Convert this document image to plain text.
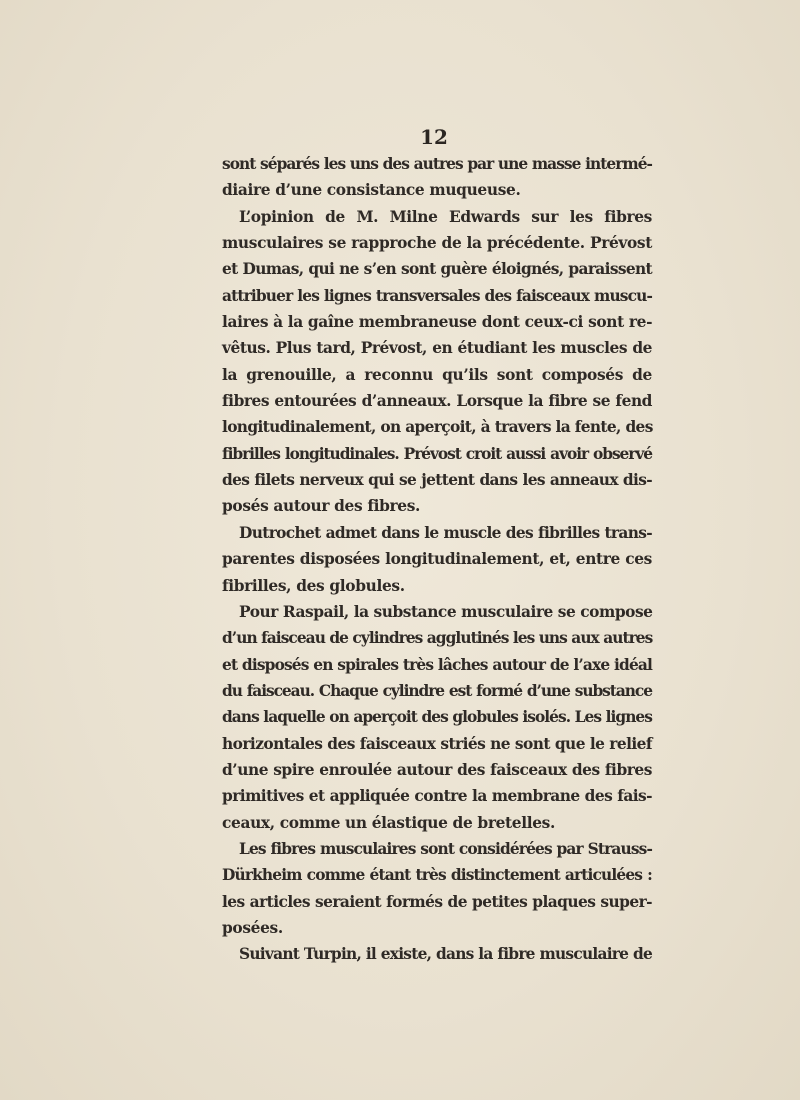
12
sont séparés les uns des autres par une masse intermé-
diaire d’une consistance muqueuse.
L’opinion de M. Milne Edwards sur les fibres
musculaires se rapproche de la précédente. Prévost
et Dumas, qui ne s’en sont guère éloignés, paraissent
attribuer les lignes transversales des faisceaux muscu-
laires à la gaîne membraneuse dont ceux-ci sont re-
vêtus. Plus tard, Prévost, en étudiant les muscles de
la grenouille, a reconnu qu’ils sont composés de
fibres entourées d’anneaux. Lorsque la fibre se fend
longitudinalement, on aperçoit, à travers la fente, des
fibrilles longitudinales. Prévost croit aussi avoir observé
des filets nerveux qui se jettent dans les anneaux dis-
posés autour des fibres.
Dutrochet admet dans le muscle des fibrilles trans-
parentes disposées longitudinalement, et, entre ces
fibrilles, des globules.
Pour Raspail, la substance musculaire se compose
d’un faisceau de cylindres agglutinés les uns aux autres
et disposés en spirales très lâches autour de l’axe idéal
du faisceau. Chaque cylindre est formé d’une substance
dans laquelle on aperçoit des globules isolés. Les lignes
horizontales des faisceaux striés ne sont que le relief
d’une spire enroulée autour des faisceaux des fibres
primitives et appliquée contre la membrane des fais-
ceaux, comme un élastique de bretelles.
Les fibres musculaires sont considérées par Strauss-
Dürkheim comme étant très distinctement articulées :
les articles seraient formés de petites plaques super-
posées.
Suivant Turpin, il existe, dans la fibre musculaire de
